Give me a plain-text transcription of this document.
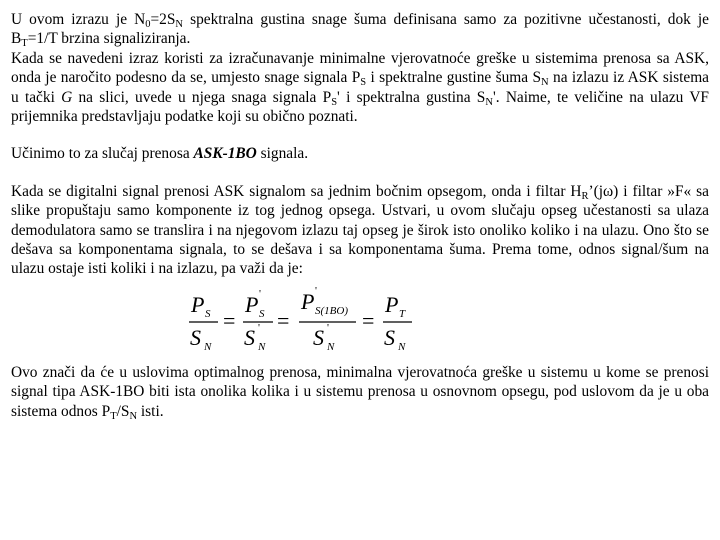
U ovom izrazu je $N_0=2S_N$ spektralna gustina snage šuma definisana samo za pozitivne učestanosti, dok je $B_T=1/T$ brzina signaliziranja.

Kada se navedeni izraz koristi za izračunavanje minimalne vjerovatnoće greške u sistemima prenosa sa ASK, onda je naročito podesno da se, umjesto snage signala $P_S$ i spektralne gustine šuma $S_N$ na izlazu iz ASK sistema u tački G na slici, uvede u njega snaga signala $P_S'$ i spektralna gustina $S_N'$. Naime, te veličine na ulazu VF prijemnika predstavljaju podatke koji su obično poznati.

Učinimo to za slučaj prenosa ASK-1BO signala.

Kada se digitalni signal prenosi ASK signalom sa jednim bočnim opsegom, onda i filtar $H_R’(j\omega)$ i filtar »F« sa slike propuštaju samo komponente iz tog jednog opsega. Ustvari, u ovom slučaju opseg učestanosti sa ulaza demodulatora samo se translira i na njegovom izlazu taj opseg je širok isto onoliko koliko i na ulazu. Ono što se dešava sa komponentama signala, to se dešava i sa komponentama šuma. Prema tome, odnos signal/šum na ulazu ostaje isti koliki i na izlazu, pa važi da je:

P S
S N
=
P '
S
S '
N
=
P '
S(1BO)
S '
N
=
P T
S N

Ovo znači da će u uslovima optimalnog prenosa, minimalna vjerovatnoća greške u sistemu u kome se prenosi signal tipa ASK-1BO biti ista onolika kolika i u sistemu prenosa u osnovnom opsegu, pod uslovom da je u oba sistema odnos $P_T/S_N$ isti.
